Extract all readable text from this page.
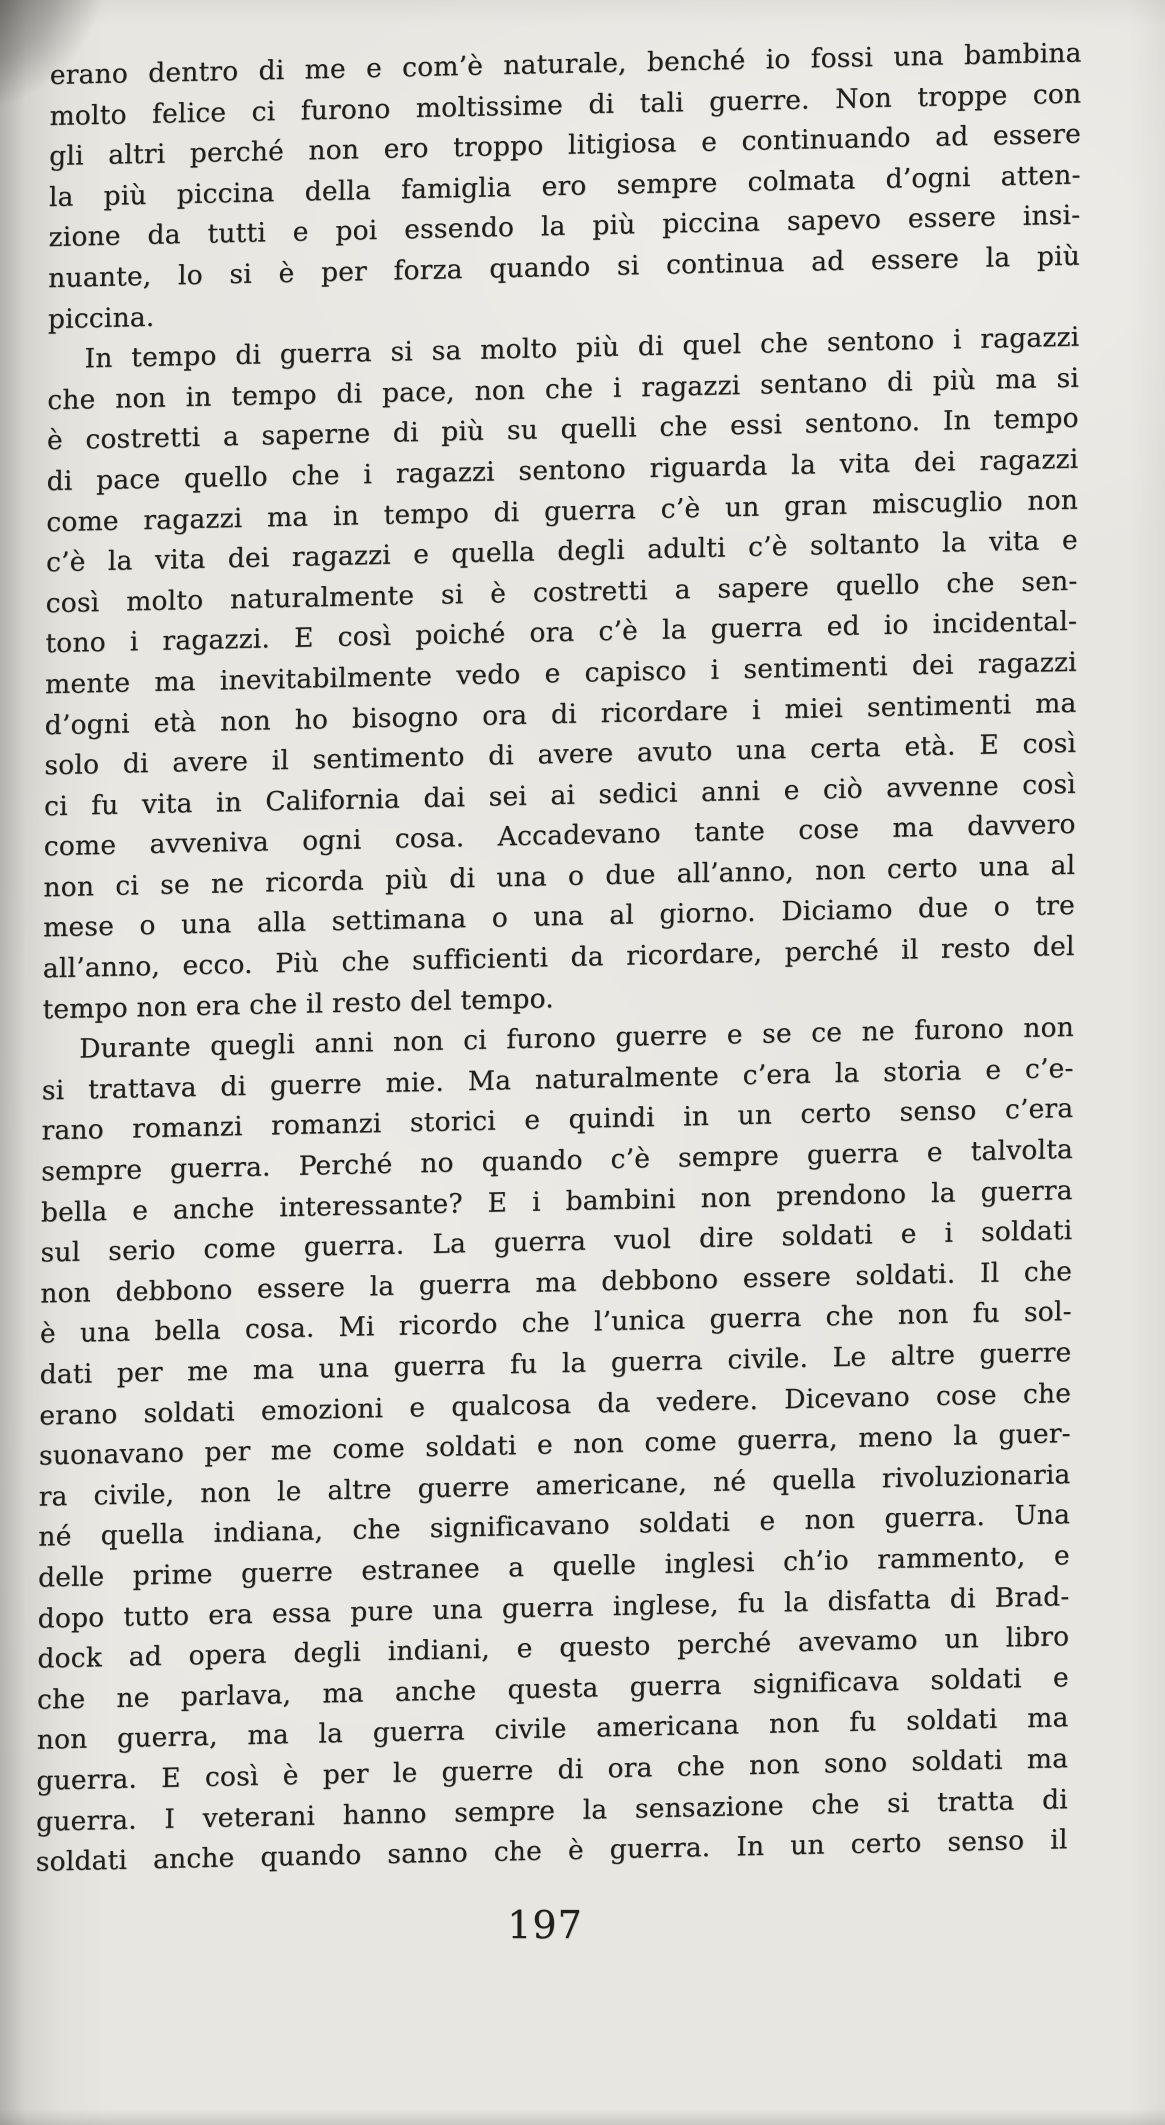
erano dentro di me e com’è naturale, benché io fossi una bambina
molto felice ci furono moltissime di tali guerre. Non troppe con
gli altri perché non ero troppo litigiosa e continuando ad essere
la più piccina della famiglia ero sempre colmata d’ogni atten-
zione da tutti e poi essendo la più piccina sapevo essere insi-
nuante, lo si è per forza quando si continua ad essere la più
piccina.
In tempo di guerra si sa molto più di quel che sentono i ragazzi
che non in tempo di pace, non che i ragazzi sentano di più ma si
è costretti a saperne di più su quelli che essi sentono. In tempo
di pace quello che i ragazzi sentono riguarda la vita dei ragazzi
come ragazzi ma in tempo di guerra c’è un gran miscuglio non
c’è la vita dei ragazzi e quella degli adulti c’è soltanto la vita e
così molto naturalmente si è costretti a sapere quello che sen-
tono i ragazzi. E così poiché ora c’è la guerra ed io incidental-
mente ma inevitabilmente vedo e capisco i sentimenti dei ragazzi
d’ogni età non ho bisogno ora di ricordare i miei sentimenti ma
solo di avere il sentimento di avere avuto una certa età. E così
ci fu vita in California dai sei ai sedici anni e ciò avvenne così
come avveniva ogni cosa. Accadevano tante cose ma davvero
non ci se ne ricorda più di una o due all’anno, non certo una al
mese o una alla settimana o una al giorno. Diciamo due o tre
all’anno, ecco. Più che sufficienti da ricordare, perché il resto del
tempo non era che il resto del tempo.
Durante quegli anni non ci furono guerre e se ce ne furono non
si trattava di guerre mie. Ma naturalmente c’era la storia e c’e-
rano romanzi romanzi storici e quindi in un certo senso c’era
sempre guerra. Perché no quando c’è sempre guerra e talvolta
bella e anche interessante? E i bambini non prendono la guerra
sul serio come guerra. La guerra vuol dire soldati e i soldati
non debbono essere la guerra ma debbono essere soldati. Il che
è una bella cosa. Mi ricordo che l’unica guerra che non fu sol-
dati per me ma una guerra fu la guerra civile. Le altre guerre
erano soldati emozioni e qualcosa da vedere. Dicevano cose che
suonavano per me come soldati e non come guerra, meno la guer-
ra civile, non le altre guerre americane, né quella rivoluzionaria
né quella indiana, che significavano soldati e non guerra. Una
delle prime guerre estranee a quelle inglesi ch’io rammento, e
dopo tutto era essa pure una guerra inglese, fu la disfatta di Brad-
dock ad opera degli indiani, e questo perché avevamo un libro
che ne parlava, ma anche questa guerra significava soldati e
non guerra, ma la guerra civile americana non fu soldati ma
guerra. E così è per le guerre di ora che non sono soldati ma
guerra. I veterani hanno sempre la sensazione che si tratta di
soldati anche quando sanno che è guerra. In un certo senso il
197
